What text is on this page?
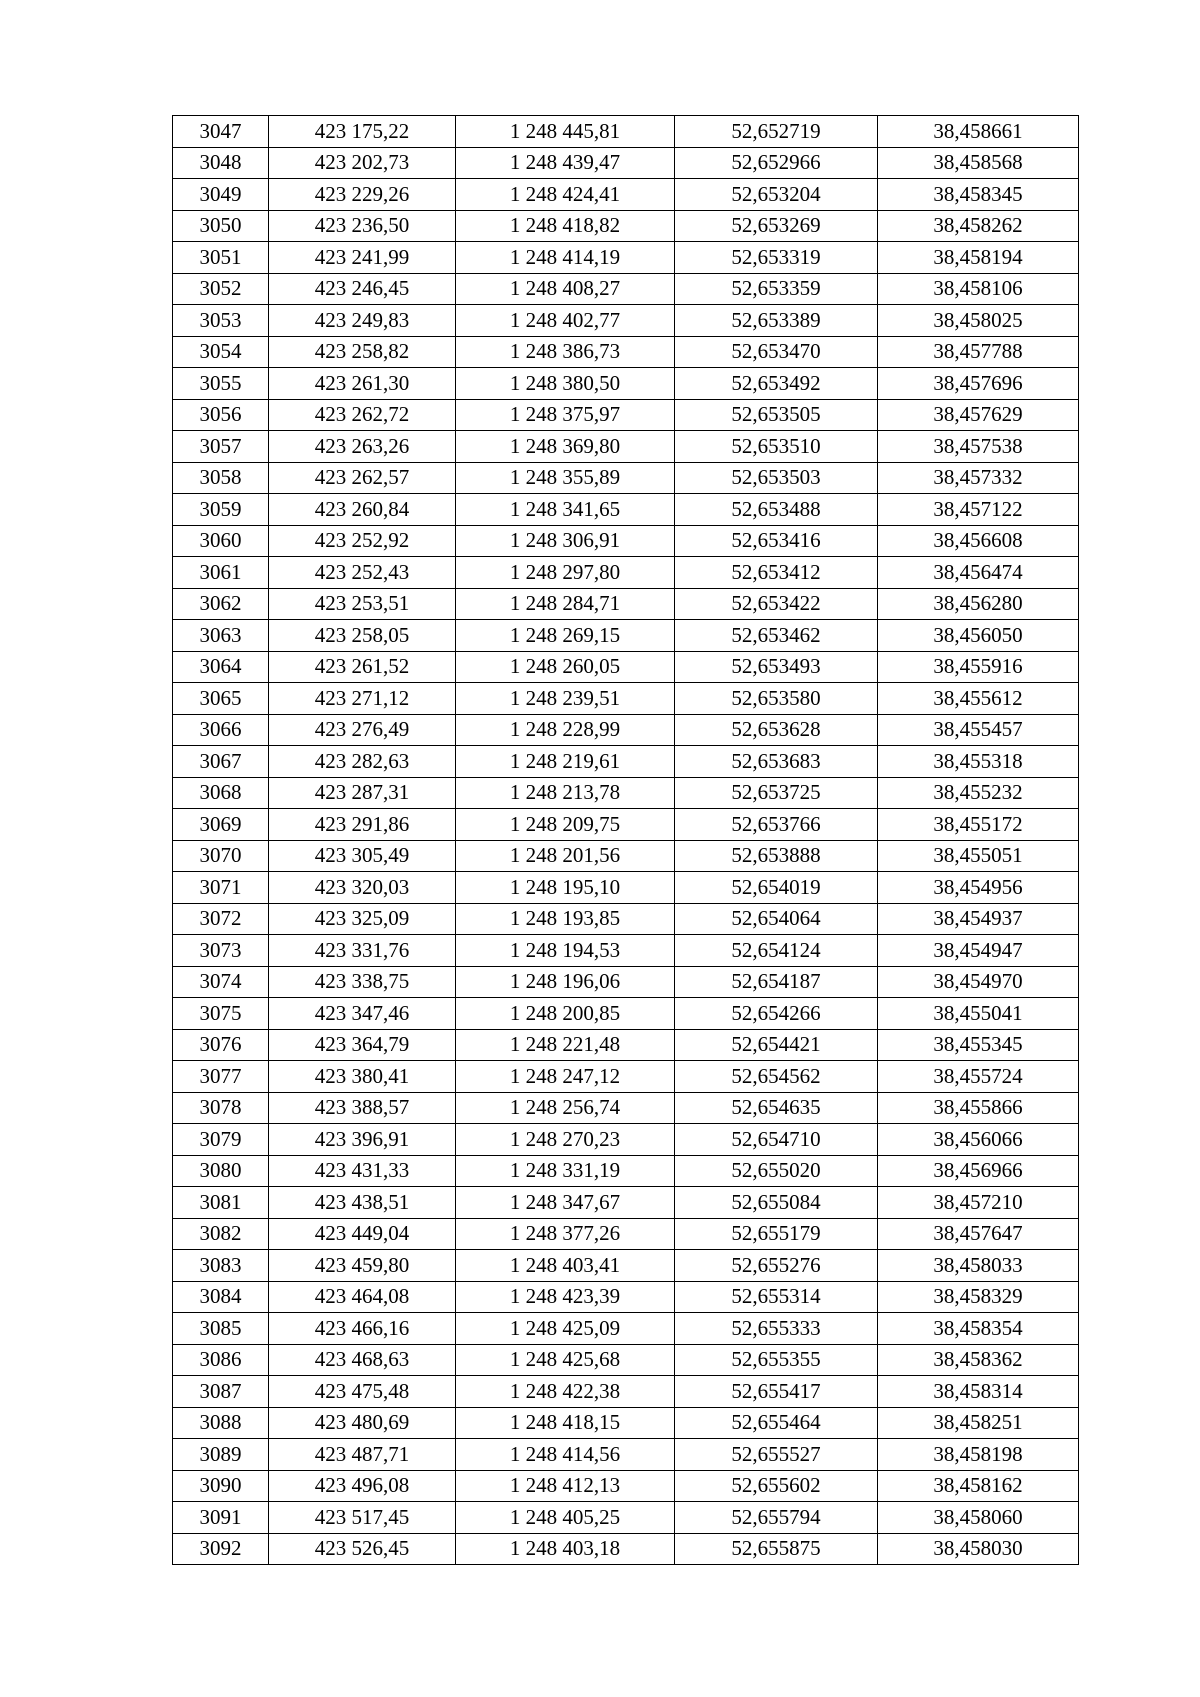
3047	423 175,22	1 248 445,81	52,652719	38,458661
3048	423 202,73	1 248 439,47	52,652966	38,458568
3049	423 229,26	1 248 424,41	52,653204	38,458345
3050	423 236,50	1 248 418,82	52,653269	38,458262
3051	423 241,99	1 248 414,19	52,653319	38,458194
3052	423 246,45	1 248 408,27	52,653359	38,458106
3053	423 249,83	1 248 402,77	52,653389	38,458025
3054	423 258,82	1 248 386,73	52,653470	38,457788
3055	423 261,30	1 248 380,50	52,653492	38,457696
3056	423 262,72	1 248 375,97	52,653505	38,457629
3057	423 263,26	1 248 369,80	52,653510	38,457538
3058	423 262,57	1 248 355,89	52,653503	38,457332
3059	423 260,84	1 248 341,65	52,653488	38,457122
3060	423 252,92	1 248 306,91	52,653416	38,456608
3061	423 252,43	1 248 297,80	52,653412	38,456474
3062	423 253,51	1 248 284,71	52,653422	38,456280
3063	423 258,05	1 248 269,15	52,653462	38,456050
3064	423 261,52	1 248 260,05	52,653493	38,455916
3065	423 271,12	1 248 239,51	52,653580	38,455612
3066	423 276,49	1 248 228,99	52,653628	38,455457
3067	423 282,63	1 248 219,61	52,653683	38,455318
3068	423 287,31	1 248 213,78	52,653725	38,455232
3069	423 291,86	1 248 209,75	52,653766	38,455172
3070	423 305,49	1 248 201,56	52,653888	38,455051
3071	423 320,03	1 248 195,10	52,654019	38,454956
3072	423 325,09	1 248 193,85	52,654064	38,454937
3073	423 331,76	1 248 194,53	52,654124	38,454947
3074	423 338,75	1 248 196,06	52,654187	38,454970
3075	423 347,46	1 248 200,85	52,654266	38,455041
3076	423 364,79	1 248 221,48	52,654421	38,455345
3077	423 380,41	1 248 247,12	52,654562	38,455724
3078	423 388,57	1 248 256,74	52,654635	38,455866
3079	423 396,91	1 248 270,23	52,654710	38,456066
3080	423 431,33	1 248 331,19	52,655020	38,456966
3081	423 438,51	1 248 347,67	52,655084	38,457210
3082	423 449,04	1 248 377,26	52,655179	38,457647
3083	423 459,80	1 248 403,41	52,655276	38,458033
3084	423 464,08	1 248 423,39	52,655314	38,458329
3085	423 466,16	1 248 425,09	52,655333	38,458354
3086	423 468,63	1 248 425,68	52,655355	38,458362
3087	423 475,48	1 248 422,38	52,655417	38,458314
3088	423 480,69	1 248 418,15	52,655464	38,458251
3089	423 487,71	1 248 414,56	52,655527	38,458198
3090	423 496,08	1 248 412,13	52,655602	38,458162
3091	423 517,45	1 248 405,25	52,655794	38,458060
3092	423 526,45	1 248 403,18	52,655875	38,458030
